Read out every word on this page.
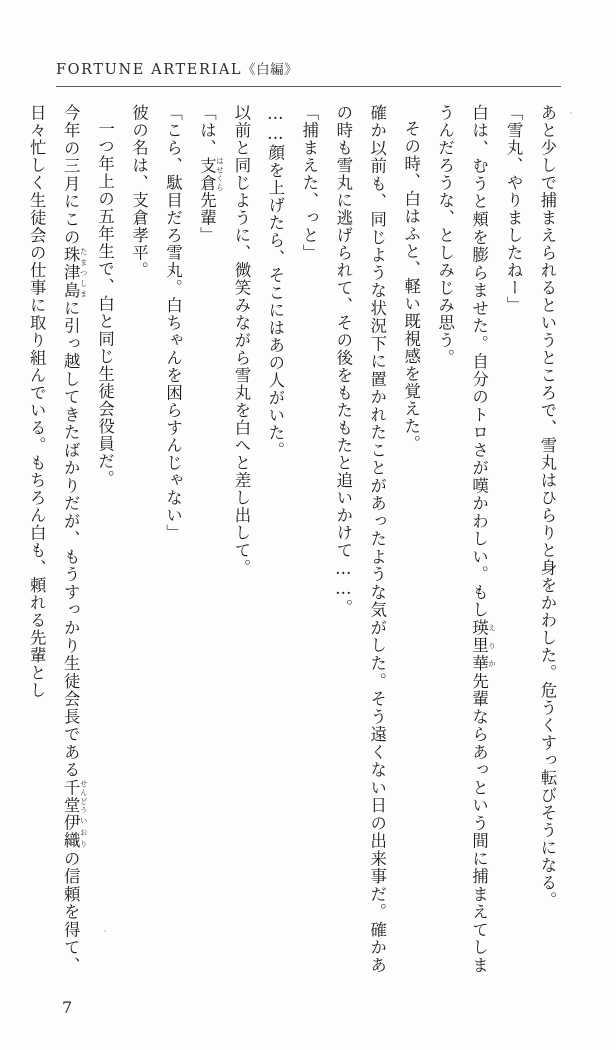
FORTUNE ARTERIAL《白編》

あと少しで捕まえられるというところで、雪丸はひらりと身をかわした。危うくすっ転びそうになる。

「雪丸、やりましたねー」

白は、むうと頬を膨らませた。自分のトロさが嘆かわしい。もし瑛里華 えりか先輩ならあっという間に捕まえてしまうんだろうな、としみじみ思う。

その時、白はふと、軽い既視感を覚えた。

確か以前も、同じような状況下に置かれたことがあったような気がした。そう遠くない日の出来事だ。確かあの時も雪丸に逃げられて、その後をもたもたと追いかけて……。

「捕まえた、っと」

……顔を上げたら、そこにはあの人がいた。

以前と同じように、微笑みながら雪丸を白へと差し出して。

「は、支倉 はせくら先輩」

「こら、駄目だろ雪丸。白ちゃんを困らすんじゃない」

彼の名は、支倉孝平。

一つ年上の五年生で、白と同じ生徒会役員だ。

今年の三月にこの珠津島 たまつしまに引っ越してきたばかりだが、もうすっかり生徒会長である千堂 せんどう伊織 いおりの信頼を得て、日々忙しく生徒会の仕事に取り組んでいる。もちろん白も、頼れる先輩とし

7
